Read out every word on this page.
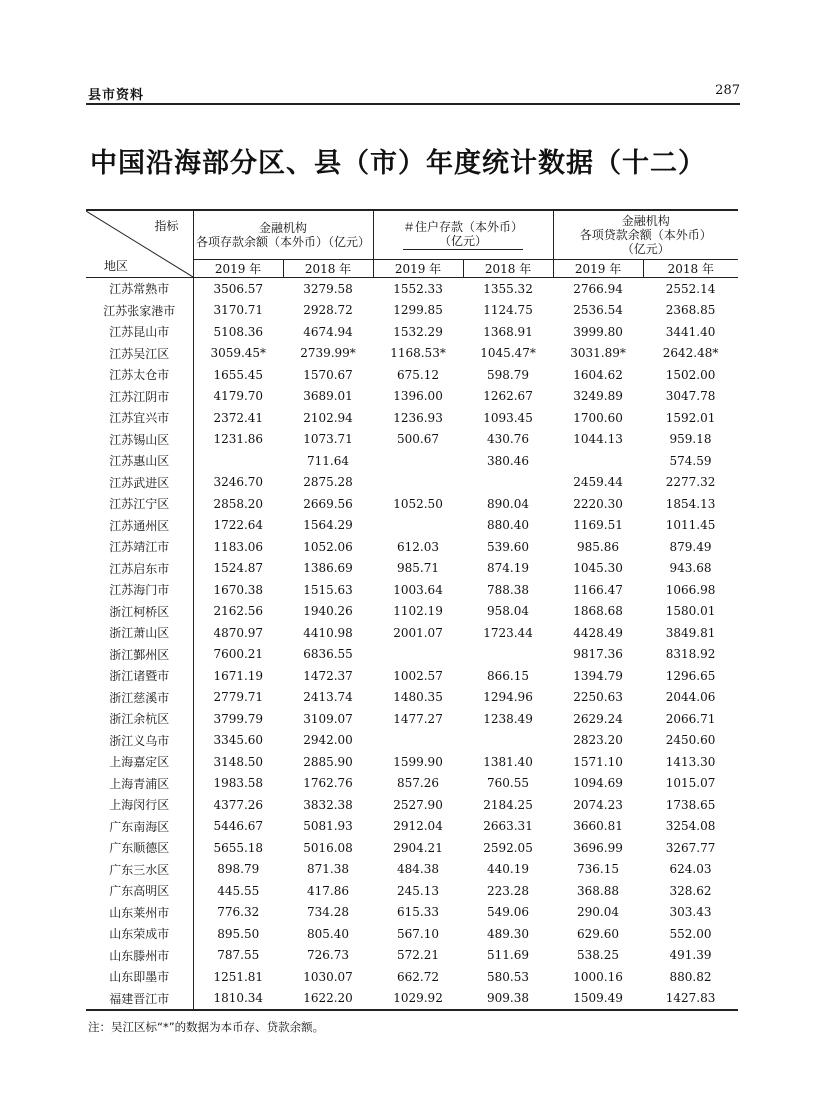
县市资料	287
中国沿海部分区、县（市）年度统计数据（十二）
指标
地区	金融机构
各项存款余额（本外币）（亿元）		＃住户存款（本外币）
（亿元）		金融机构
各项贷款余额（本外币）
（亿元）	

	2019 年	2018 年	2019 年	2018 年	2019 年	2018 年
江苏常熟市	3506.57	3279.58	1552.33	1355.32	2766.94	2552.14
江苏张家港市	3170.71	2928.72	1299.85	1124.75	2536.54	2368.85
江苏昆山市	5108.36	4674.94	1532.29	1368.91	3999.80	3441.40
江苏吴江区	3059.45*	2739.99*	1168.53*	1045.47*	3031.89*	2642.48*
江苏太仓市	1655.45	1570.67	675.12	598.79	1604.62	1502.00
江苏江阴市	4179.70	3689.01	1396.00	1262.67	3249.89	3047.78
江苏宜兴市	2372.41	2102.94	1236.93	1093.45	1700.60	1592.01
江苏锡山区	1231.86	1073.71	500.67	430.76	1044.13	959.18
江苏惠山区		711.64		380.46		574.59
江苏武进区	3246.70	2875.28			2459.44	2277.32
江苏江宁区	2858.20	2669.56	1052.50	890.04	2220.30	1854.13
江苏通州区	1722.64	1564.29		880.40	1169.51	1011.45
江苏靖江市	1183.06	1052.06	612.03	539.60	985.86	879.49
江苏启东市	1524.87	1386.69	985.71	874.19	1045.30	943.68
江苏海门市	1670.38	1515.63	1003.64	788.38	1166.47	1066.98
浙江柯桥区	2162.56	1940.26	1102.19	958.04	1868.68	1580.01
浙江萧山区	4870.97	4410.98	2001.07	1723.44	4428.49	3849.81
浙江鄞州区	7600.21	6836.55			9817.36	8318.92
浙江诸暨市	1671.19	1472.37	1002.57	866.15	1394.79	1296.65
浙江慈溪市	2779.71	2413.74	1480.35	1294.96	2250.63	2044.06
浙江余杭区	3799.79	3109.07	1477.27	1238.49	2629.24	2066.71
浙江义乌市	3345.60	2942.00			2823.20	2450.60
上海嘉定区	3148.50	2885.90	1599.90	1381.40	1571.10	1413.30
上海青浦区	1983.58	1762.76	857.26	760.55	1094.69	1015.07
上海闵行区	4377.26	3832.38	2527.90	2184.25	2074.23	1738.65
广东南海区	5446.67	5081.93	2912.04	2663.31	3660.81	3254.08
广东顺德区	5655.18	5016.08	2904.21	2592.05	3696.99	3267.77
广东三水区	898.79	871.38	484.38	440.19	736.15	624.03
广东高明区	445.55	417.86	245.13	223.28	368.88	328.62
山东莱州市	776.32	734.28	615.33	549.06	290.04	303.43
山东荣成市	895.50	805.40	567.10	489.30	629.60	552.00
山东滕州市	787.55	726.73	572.21	511.69	538.25	491.39
山东即墨市	1251.81	1030.07	662.72	580.53	1000.16	880.82
福建晋江市	1810.34	1622.20	1029.92	909.38	1509.49	1427.83
注：吴江区标“*”的数据为本币存、贷款余额。
